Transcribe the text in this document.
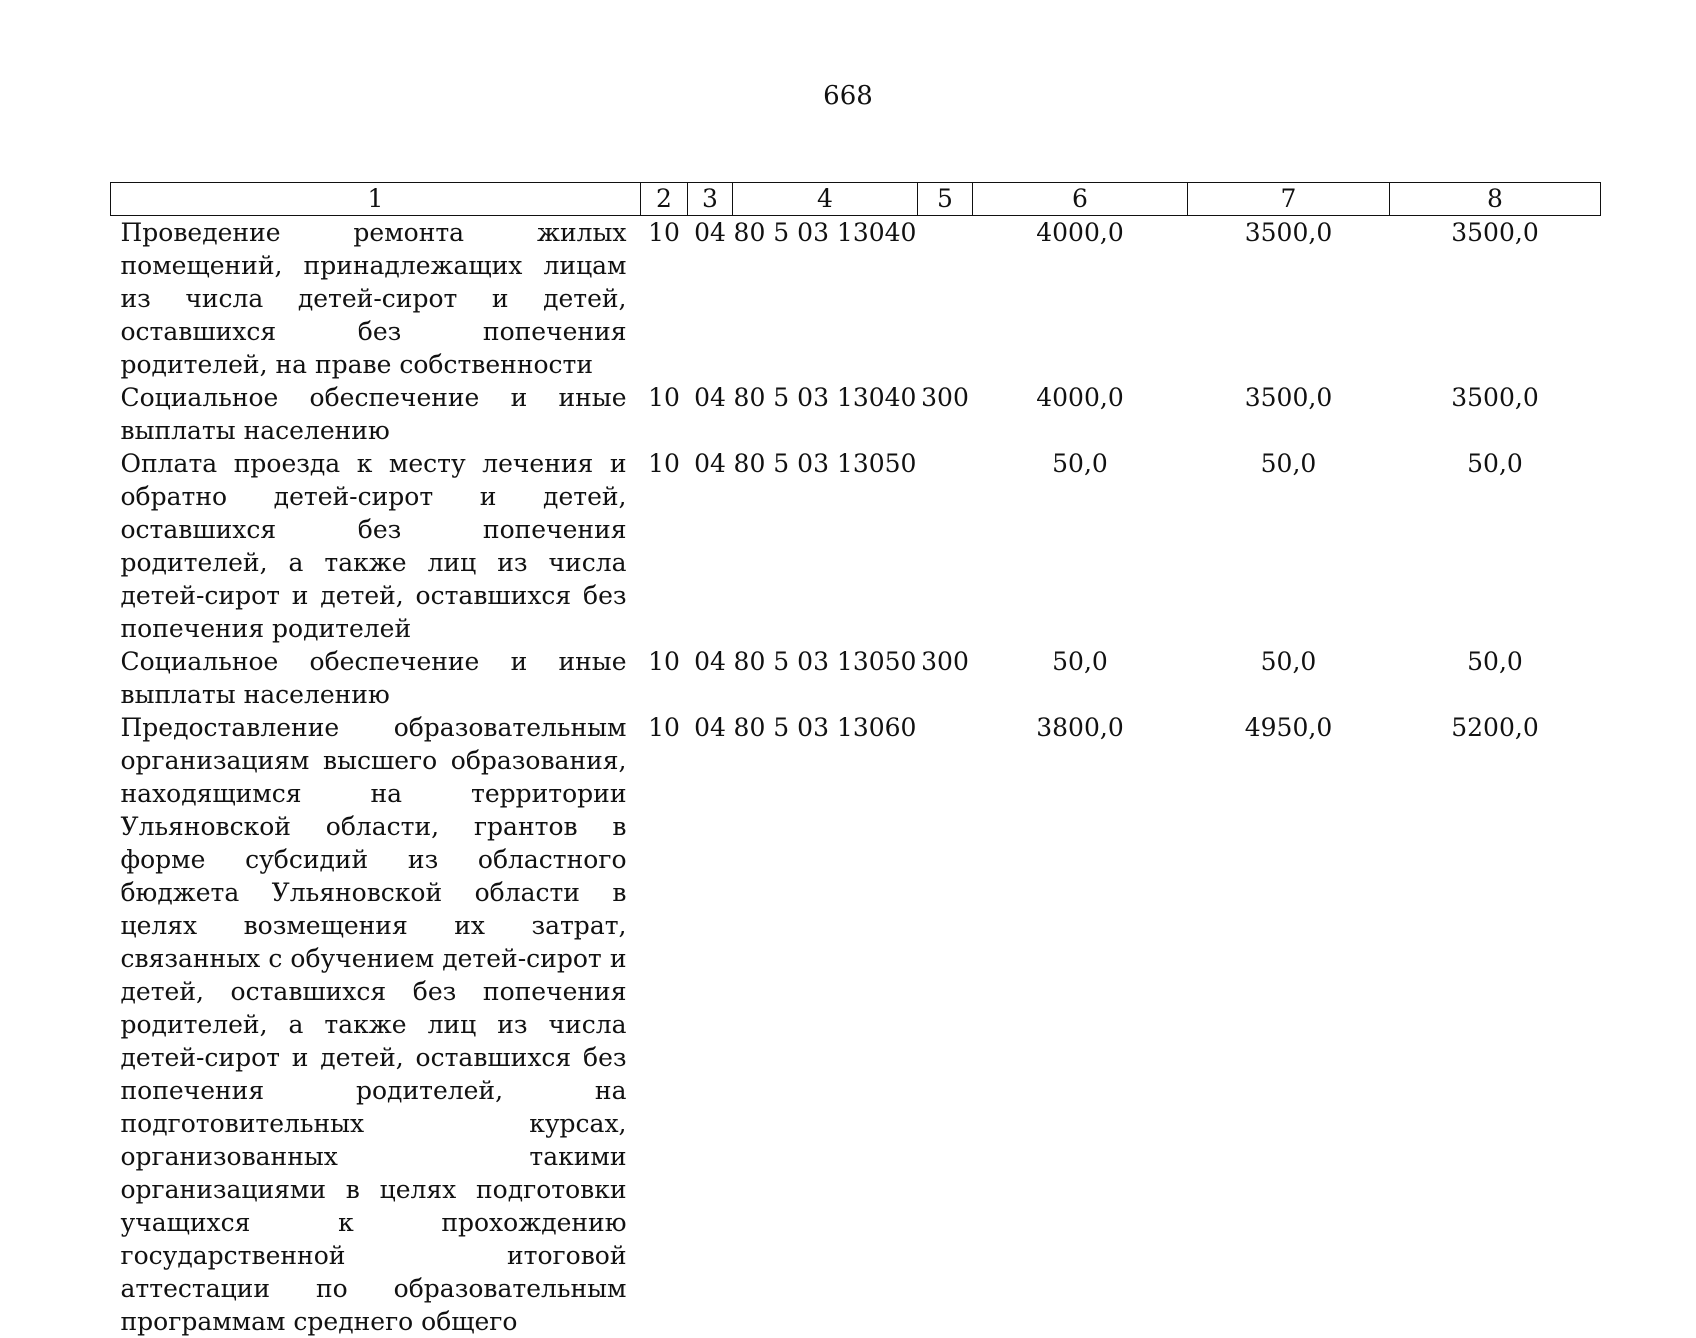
668
1	2	3	4	5	6	7	8
Проведение ремонта жилых помещений, принадлежащих лицам из числа детей-сирот и детей, оставшихся без попечения родителей, на праве собственности	10	04	80 5 03 13040		4000,0	3500,0	3500,0
Социальное обеспечение и иные выплаты населению	10	04	80 5 03 13040	300	4000,0	3500,0	3500,0
Оплата проезда к месту лечения и обратно детей-сирот и детей, оставшихся без попечения родителей, а также лиц из числа детей-сирот и детей, оставшихся без попечения родителей	10	04	80 5 03 13050		50,0	50,0	50,0
Социальное обеспечение и иные выплаты населению	10	04	80 5 03 13050	300	50,0	50,0	50,0
Предоставление образовательным организациям высшего образования, находящимся на территории Ульяновской области, грантов в форме субсидий из областного бюджета Ульяновской области в целях возмещения их затрат, связанных с обучением детей-сирот и детей, оставшихся без попечения родителей, а также лиц из числа детей-сирот и детей, оставшихся без попечения родителей, на подготовительных курсах, организованных такими организациями в целях подготовки учащихся к прохождению государственной итоговой аттестации по образовательным программам среднего общего	10	04	80 5 03 13060		3800,0	4950,0	5200,0
